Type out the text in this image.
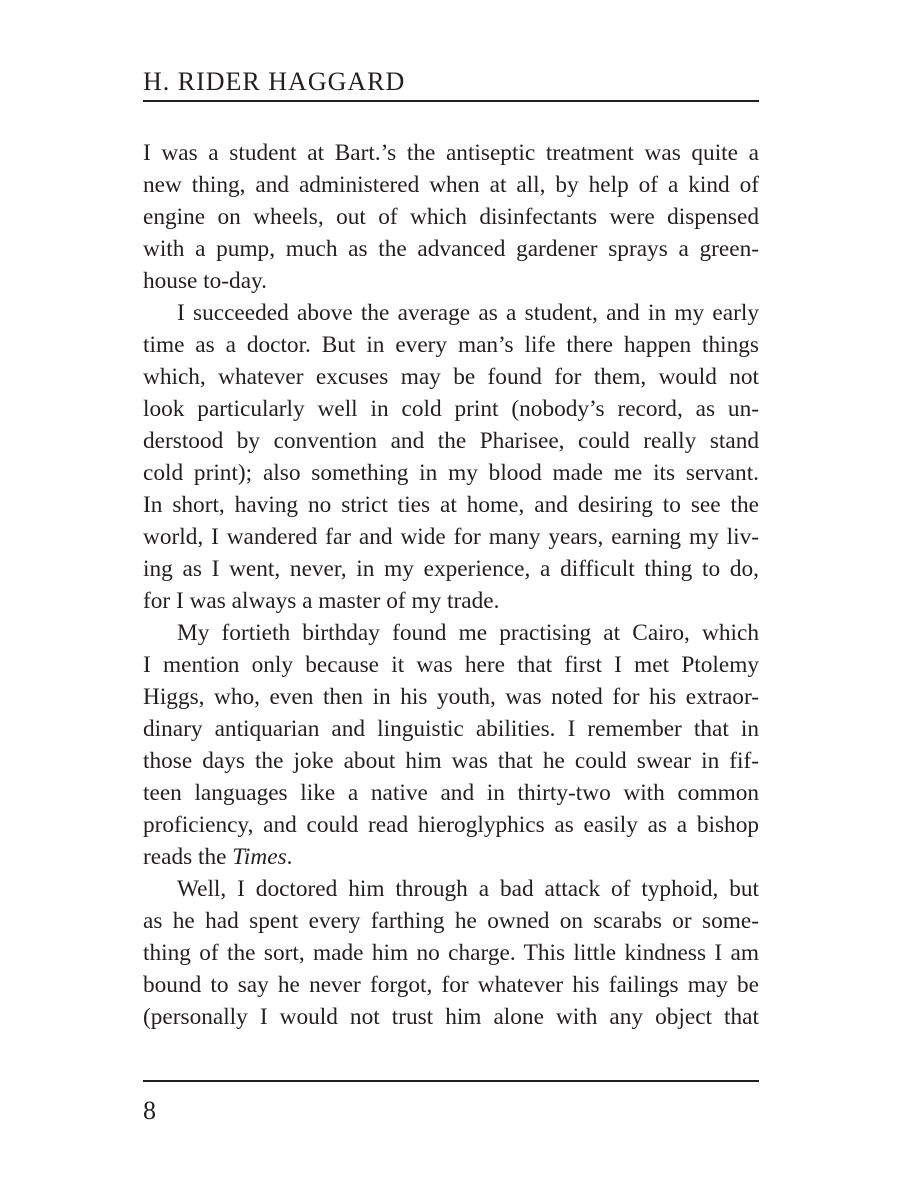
H. RIDER HAGGARD
I was a student at Bart.’s the antiseptic treatment was quite a
new thing, and administered when at all, by help of a kind of
engine on wheels, out of which disinfectants were dispensed
with a pump, much as the advanced gardener sprays a green-
house to-day.
I succeeded above the average as a student, and in my early
time as a doctor. But in every man’s life there happen things
which, whatever excuses may be found for them, would not
look particularly well in cold print (nobody’s record, as un-
derstood by convention and the Pharisee, could really stand
cold print); also something in my blood made me its servant.
In short, having no strict ties at home, and desiring to see the
world, I wandered far and wide for many years, earning my liv-
ing as I went, never, in my experience, a difficult thing to do,
for I was always a master of my trade.
My fortieth birthday found me practising at Cairo, which
I mention only because it was here that first I met Ptolemy
Higgs, who, even then in his youth, was noted for his extraor-
dinary antiquarian and linguistic abilities. I remember that in
those days the joke about him was that he could swear in fif-
teen languages like a native and in thirty-two with common
proficiency, and could read hieroglyphics as easily as a bishop
reads the Times.
Well, I doctored him through a bad attack of typhoid, but
as he had spent every farthing he owned on scarabs or some-
thing of the sort, made him no charge. This little kindness I am
bound to say he never forgot, for whatever his failings may be
(personally I would not trust him alone with any object that
8
